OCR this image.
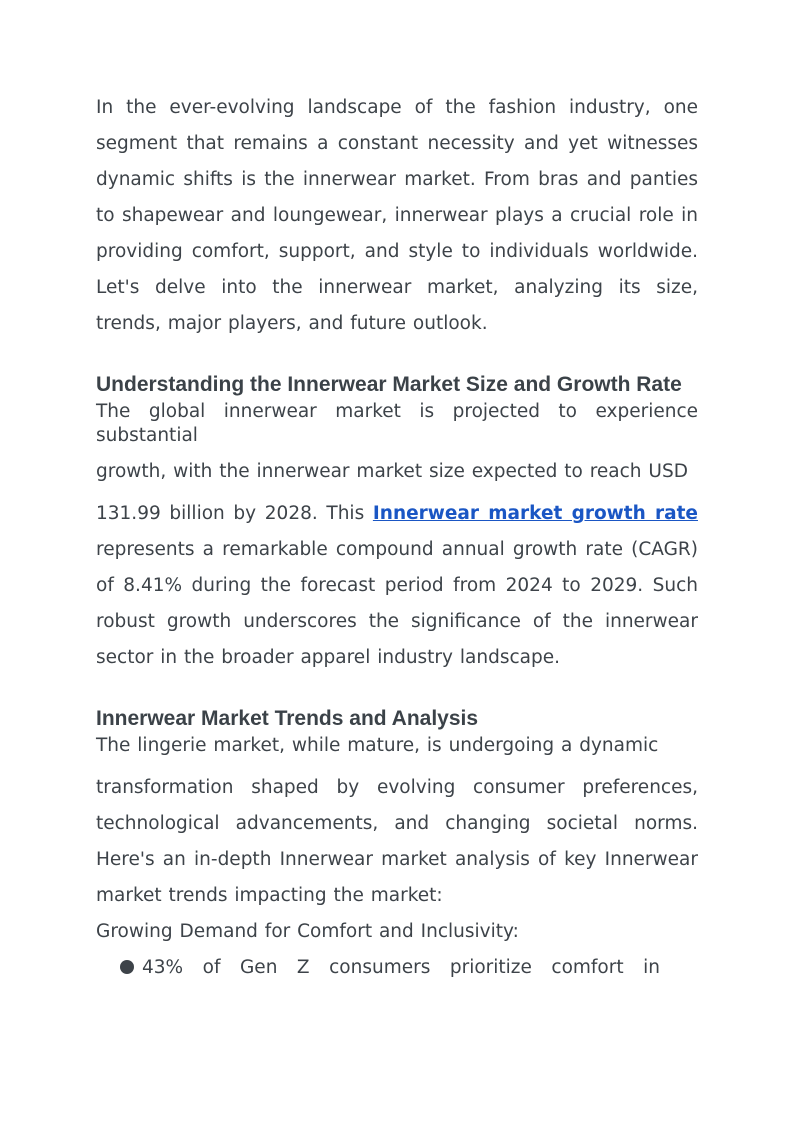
In the ever-evolving landscape of the fashion industry, one segment that remains a constant necessity and yet witnesses dynamic shifts is the innerwear market. From bras and panties to shapewear and loungewear, innerwear plays a crucial role in providing comfort, support, and style to individuals worldwide. Let's delve into the innerwear market, analyzing its size, trends, major players, and future outlook.

Understanding the Innerwear Market Size and Growth Rate

The global innerwear market is projected to experience substantial

growth, with the innerwear market size expected to reach USD

131.99 billion by 2028. This Innerwear market growth rate represents a remarkable compound annual growth rate (CAGR) of 8.41% during the forecast period from 2024 to 2029. Such robust growth underscores the significance of the innerwear sector in the broader apparel industry landscape.

Innerwear Market Trends and Analysis

The lingerie market, while mature, is undergoing a dynamic

transformation shaped by evolving consumer preferences, technological advancements, and changing societal norms. Here's an in-depth Innerwear market analysis of key Innerwear market trends impacting the market:

Growing Demand for Comfort and Inclusivity:

43% of Gen Z consumers prioritize comfort in
